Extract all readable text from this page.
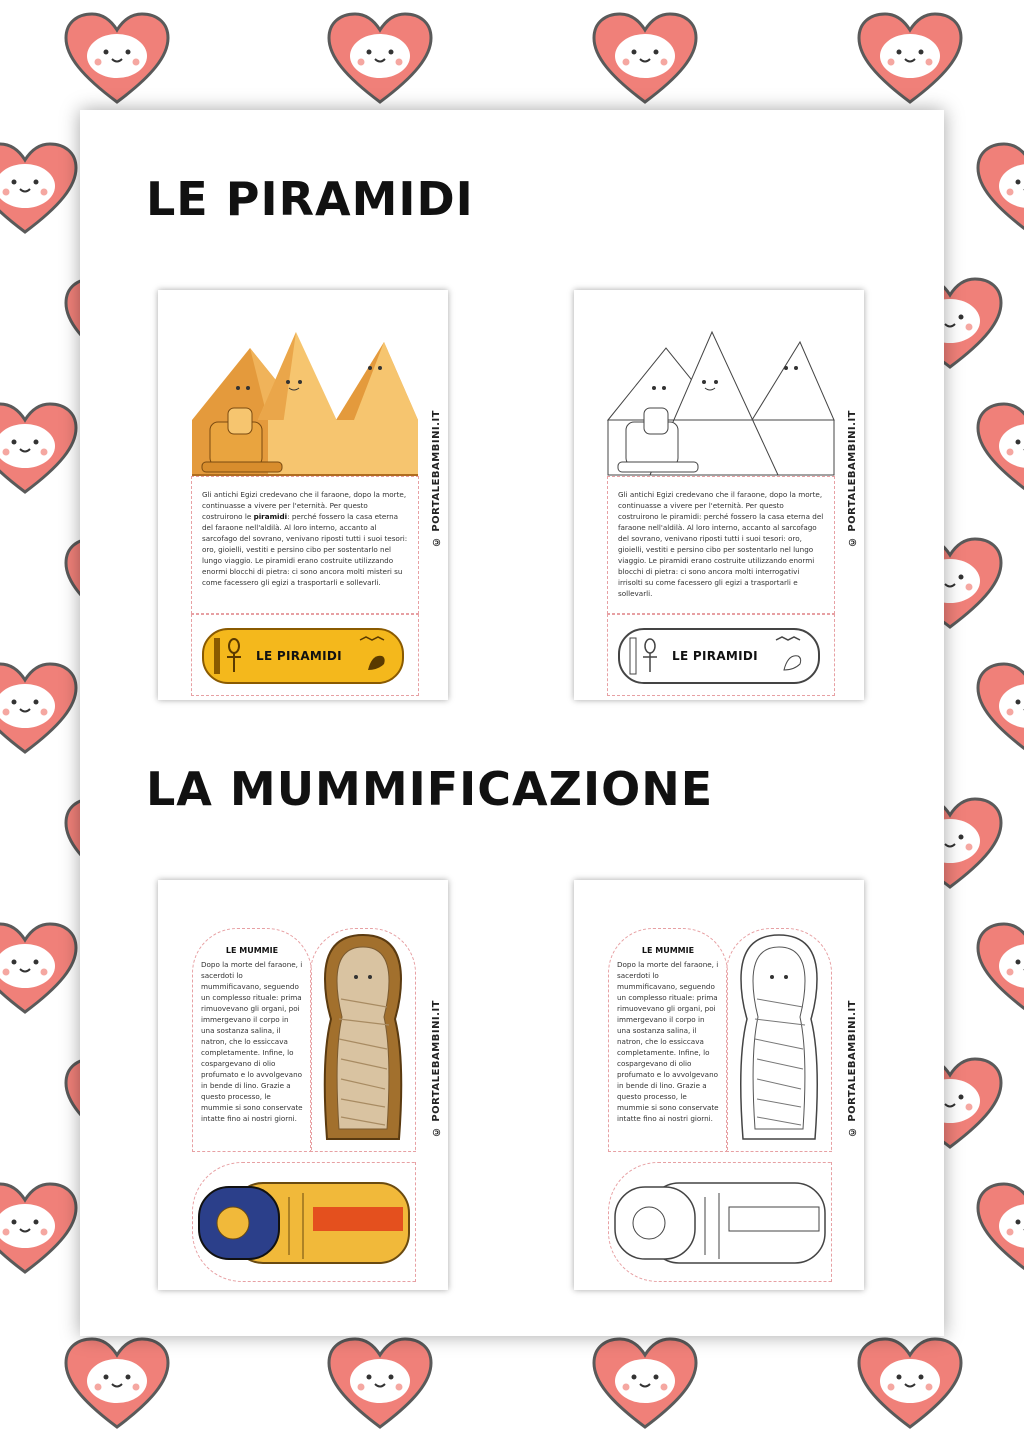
LE PIRAMIDI
Gli antichi Egizi credevano che il faraone, dopo la morte, continuasse a vivere per l'eternità. Per questo costruirono le piramidi: perché fossero la casa eterna del faraone nell'aldilà. Al loro interno, accanto al sarcofago del sovrano, venivano riposti tutti i suoi tesori: oro, gioielli, vestiti e persino cibo per sostentarlo nel lungo viaggio. Le piramidi erano costruite utilizzando enormi blocchi di pietra: ci sono ancora molti misteri su come facessero gli egizi a trasportarli e sollevarli.
LE PIRAMIDI
© PORTALEBAMBINI.IT	Gli antichi Egizi credevano che il faraone, dopo la morte, continuasse a vivere per l'eternità. Per questo costruirono le piramidi: perché fossero la casa eterna del faraone nell'aldilà. Al loro interno, accanto al sarcofago del sovrano, venivano riposti tutti i suoi tesori: oro, gioielli, vestiti e persino cibo per sostentarlo nel lungo viaggio. Le piramidi erano costruite utilizzando enormi blocchi di pietra: ci sono ancora molti interrogativi irrisolti su come facessero gli egizi a trasportarli e sollevarli.
LE PIRAMIDI
© PORTALEBAMBINI.IT
LA MUMMIFICAZIONE
LE MUMMIE
Dopo la morte del faraone, i sacerdoti lo mummificavano, seguendo un complesso rituale: prima rimuovevano gli organi, poi immergevano il corpo in una sostanza salina, il natron, che lo essiccava completamente. Infine, lo cospargevano di olio profumato e lo avvolgevano in bende di lino. Grazie a questo processo, le mummie si sono conservate intatte fino ai nostri giorni.	© PORTALEBAMBINI.IT
LE MUMMIE
Dopo la morte del faraone, i sacerdoti lo mummificavano, seguendo un complesso rituale: prima rimuovevano gli organi, poi immergevano il corpo in una sostanza salina, il natron, che lo essiccava completamente. Infine, lo cospargevano di olio profumato e lo avvolgevano in bende di lino. Grazie a questo processo, le mummie si sono conservate intatte fino ai nostri giorni.	© PORTALEBAMBINI.IT
